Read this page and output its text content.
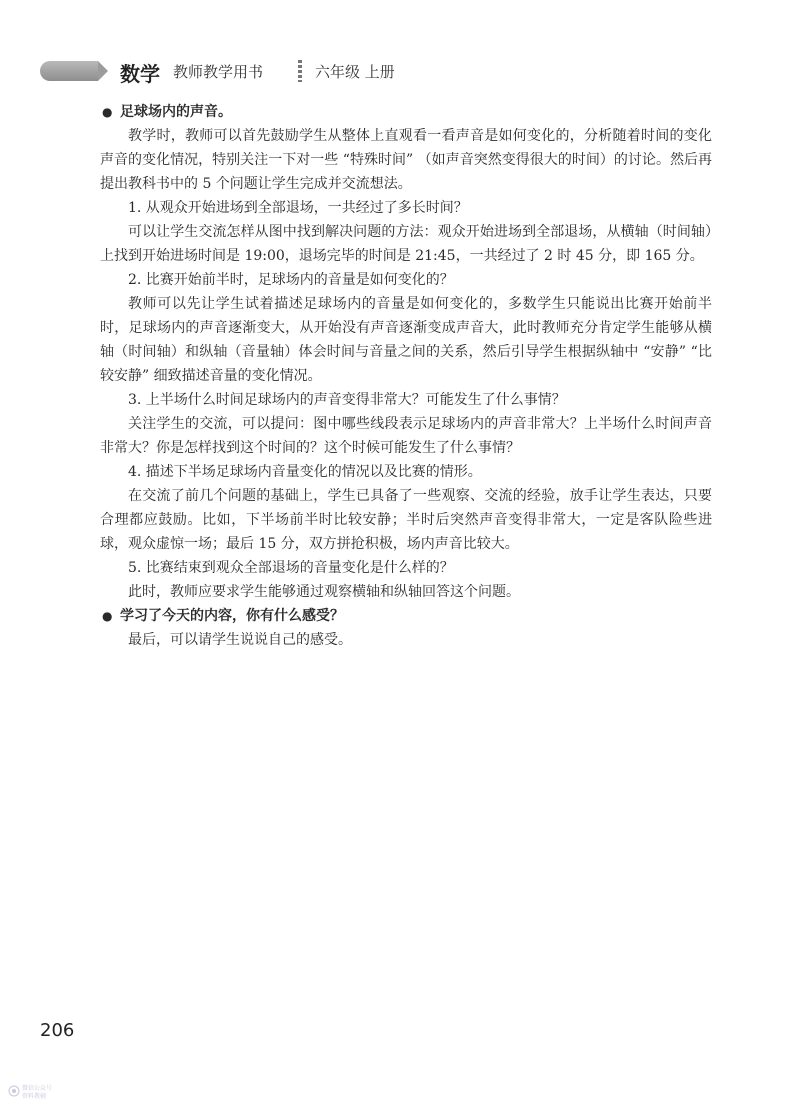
数学 教师教学用书	六年级 上册
● 足球场内的声音。

教学时，教师可以首先鼓励学生从整体上直观看一看声音是如何变化的，分析随着时间的变化声音的变化情况，特别关注一下对一些 “特殊时间” （如声音突然变得很大的时间）的讨论。然后再提出教科书中的 5 个问题让学生完成并交流想法。

1. 从观众开始进场到全部退场，一共经过了多长时间？

可以让学生交流怎样从图中找到解决问题的方法：观众开始进场到全部退场，从横轴（时间轴）上找到开始进场时间是 19:00，退场完毕的时间是 21:45，一共经过了 2 时 45 分，即 165 分。

2. 比赛开始前半时，足球场内的音量是如何变化的？

教师可以先让学生试着描述足球场内的音量是如何变化的，多数学生只能说出比赛开始前半时，足球场内的声音逐渐变大，从开始没有声音逐渐变成声音大，此时教师充分肯定学生能够从横轴（时间轴）和纵轴（音量轴）体会时间与音量之间的关系，然后引导学生根据纵轴中 “安静” “比较安静” 细致描述音量的变化情况。

3. 上半场什么时间足球场内的声音变得非常大？可能发生了什么事情？

关注学生的交流，可以提问：图中哪些线段表示足球场内的声音非常大？上半场什么时间声音非常大？你是怎样找到这个时间的？这个时候可能发生了什么事情？

4. 描述下半场足球场内音量变化的情况以及比赛的情形。

在交流了前几个问题的基础上，学生已具备了一些观察、交流的经验，放手让学生表达，只要合理都应鼓励。比如，下半场前半时比较安静；半时后突然声音变得非常大，一定是客队险些进球，观众虚惊一场；最后 15 分，双方拼抢积极，场内声音比较大。

5. 比赛结束到观众全部退场的音量变化是什么样的？

此时，教师应要求学生能够通过观察横轴和纵轴回答这个问题。

● 学习了今天的内容，你有什么感受？

最后，可以请学生说说自己的感受。

206
微信公众号
资料教辅
